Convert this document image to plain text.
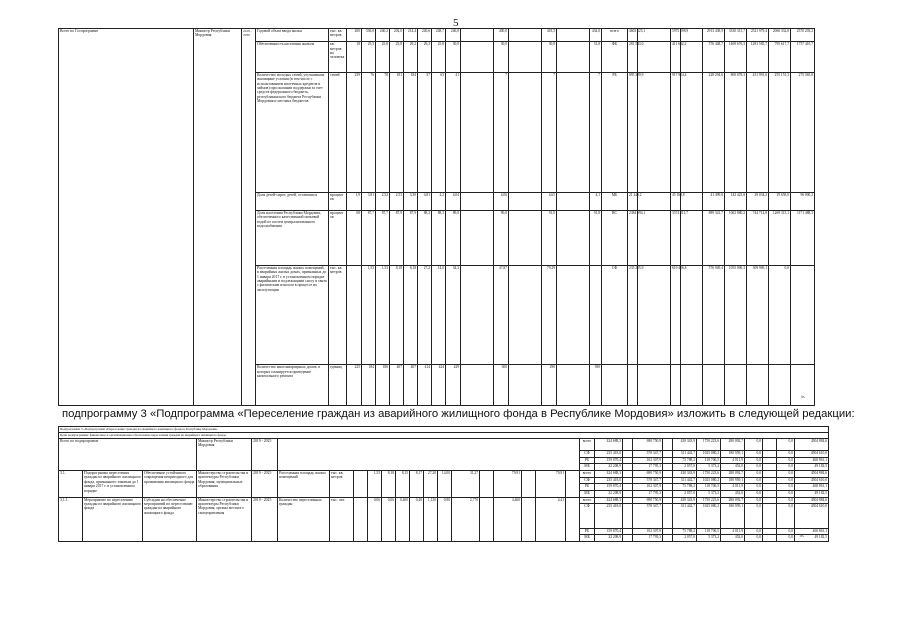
5
Всего по Госпрограмме	Министр Республики Мордовия	2019 - 2030	Годовой объем ввода жилья	тыс. кв. метров	200	336,0	240,2	202,0	214,4	240,6	248,7	246,0		400,0		418,5		434,0	всего	4603 525,1		5975 598,9		2913 438,9	3330 315,7	2521 979,4	2060 332,8	2370 203,2	
			Обеспеченность населения жильем	кв. метров на человека	18	25,3	25,8	25,8	29,2	29,2	25,8	30,0		30,0		30,8		31,8	ФБ	281 543,0		411 632,2		576 448,7	1469 676,3	1281 585,7	795 617,7	1757 410,7	
			Количество молодых семей, улучшивших жилищные условия (в том числе с использованием ипотечных кредитов и займов) при оказании поддержки за счет средств федерального бюджета, республиканского бюджета Республики Мордовия и местных бюджетов	семей	239	76	78	181	184	57	63	41		7		7		7	РБ	895 389,9		917 954,4		228 294,6	800 078,3	431 991,6	255 151,3	275 365,8	
			Доля детей-сирот, детей, оставшихся	процентов	1,9	3,81	2,52	2,53	3,30	4,81	4,2	4,04		4,06		4,65		4,1	МБ	21 249,2		45 169,8		41 499,8	142 423,8	29 034,2	19 658,0	96 000,2	
			Доля населения Республики Мордовия, обеспеченного качественной питьевой водой из систем централизованного водоснабжения	процентов	68	87,7	87,7	87,9	87,9	88,2	88,3	89,0		90,0		91,0		91,8	ВС	2384 994,1		3574 211,7		889 341,7	1062 880,2	744 712,8	1269 315,1	1171 488,3	
			Расселенная площадь жилых помещений, в аварийных жилых домах, признанных до 1 января 2017 г. в установленном порядке аварийными и подлежащими сносу в связи с физическим износом в процессе их эксплуатации	тыс. кв. метров		1,53	1,53	8,18	8,18	27,2	14,0	34,3		47,87		79,29			СФ	235 205,9		619 406,8		576 949,4	1055 096,3	309 969,1	0,0		
			Количество многоквартирных домов, в которых планируется проведение капитального ремонта	единиц	225	184	186	407	407	414	424	429		300		290		390											
».
подпрограмму 3 «Подпрограмма «Переселение граждан из аварийного жилищного фонда в Республике Мордовия» изложить в следующей редакции:
Подпрограмма 3 «Подпрограмма «Переселение граждан из аварийного жилищного фонда в Республике Мордовия»																															
Цели подпрограммы: финансовое и организационное обеспечение переселения граждан из аварийного жилищного фонда																															
Всего по подпрограмме			Министр Республики Мордовия	2019 - 2025																всего	424 688,3		698 750,9		430 343,9	1750 223,6	280 092,7	0,0		0,0	4504 884,6
																				СФ	235 418,0		578 347,7		311 442,7	1025 080,2	180 959,1	0,0		0,0	4504 610,0
																				РБ	159 870,4		102 307,9		75 788,2	118 706,5	4 011,9	0,0		0,0	460 861,1
																				МБ	22 208,9		17 795,3		2 057,0	5 373,2	452,0	0,0		0,0	49 182,5
3.1.	Подпрограмма переселения граждан из аварийного жилищного фонда, признанного таковым до 1 января 2017 г. в установленном порядке	Обеспечение устойчивого сокращения непригодного для проживания жилищного фонда	Министерство строительства и архитектуры Республики Мордовия, муниципальные образования	2019 - 2025	Расселенная площадь жилых помещений	тыс. кв. метров		1,53	8,18	8,15	8,17	27,20	14,00	31,27		79,91		79,91		всего	424 688,3		698 750,9		430 343,9	1750 223,6	280 092,7	0,0		0,0	4504 884,6
																				СФ	235 418,0		578 347,7		311 442,7	1025 080,2	180 959,1	0,0		0,0	4504 610,0
																				РБ	159 870,4		102 307,9		75 788,2	118 706,5	4 011,9	0,0		0,0	460 861,1
																				МБ	22 208,9		17 795,3		2 057,0	5 373,2	452,0	0,0		0,0	49 182,5
3.1.1.	Мероприятие по переселению граждан из аварийного жилищного фонда	Субсидии на обеспечение мероприятий по переселению граждан из аварийного жилищного фонда	Министерство строительства и архитектуры Республики Мордовия, органы местного самоуправления	2019 - 2025	Количество переселенных граждан	тыс. чел.		0,06	0,06	0,400	0,48	1,130	0,90	2,770		4,460		4,41		всего	424 688,3		698 750,9		430 343,9	1750 223,6	280 092,7	0,0		0,0	4504 884,6
																				СФ	235 418,0		578 347,7		311 442,7	1025 080,2	180 959,1	0,0		0,0	4504 610,0
																				РБ	159 870,4		102 307,9		75 788,2	118 706,5	4 011,9	0,0		0,0	460 861,1
																				МБ	22 208,9		17 795,3		2 057,0	5 373,2	452,0	0,0		0,0	49 182,5
».
